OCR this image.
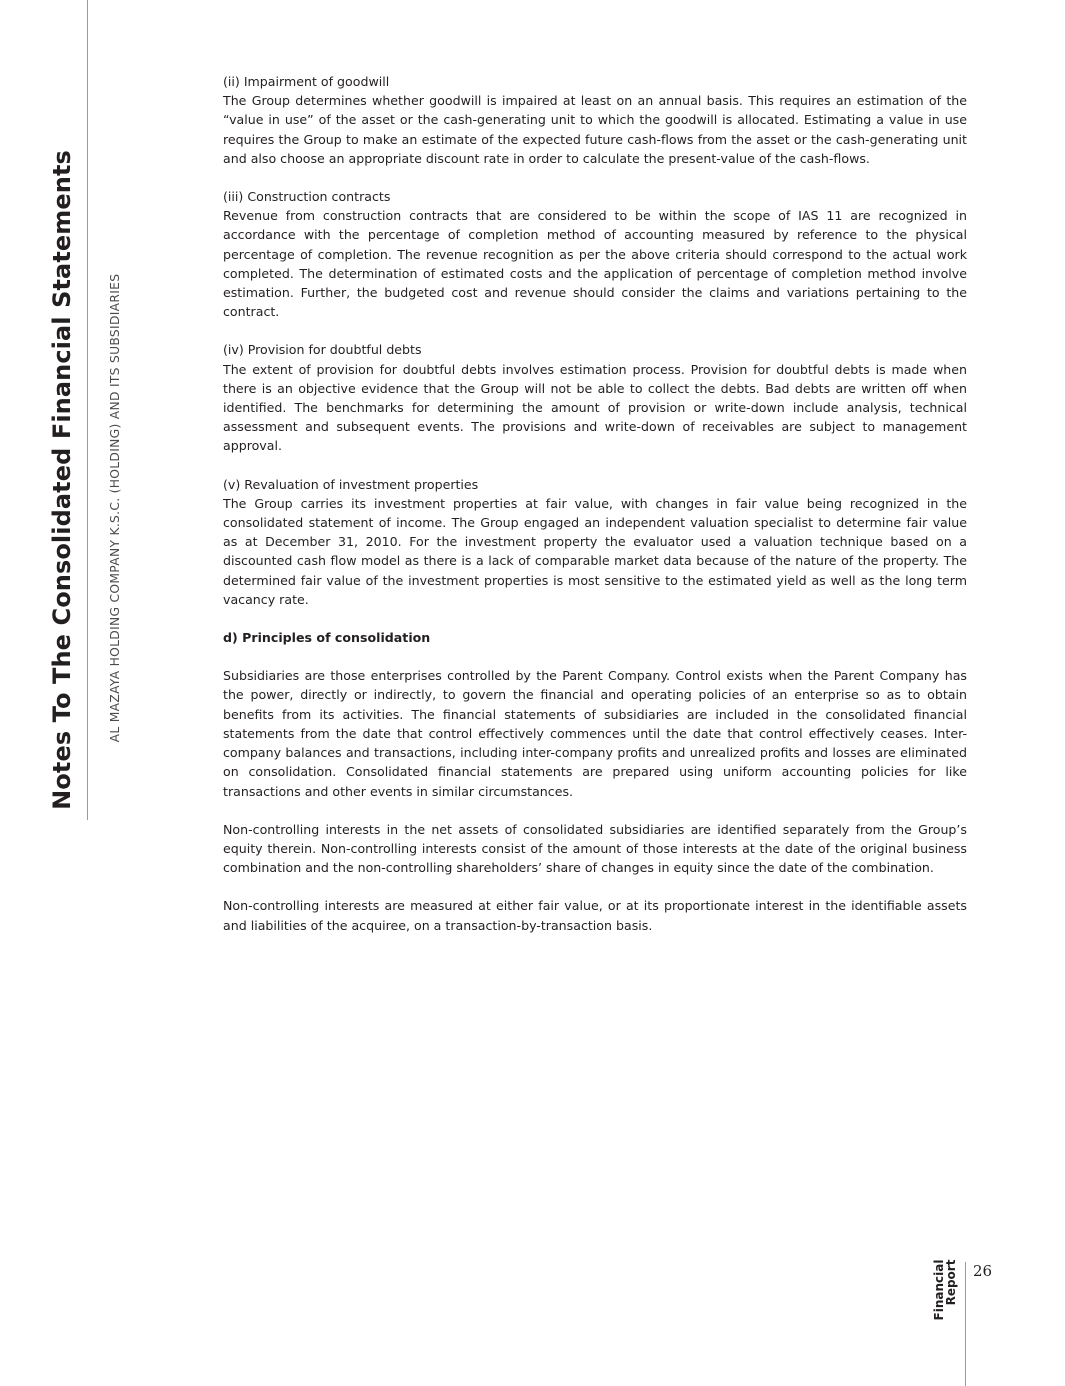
Notes To The Consolidated Financial Statements	AL MAZAYA HOLDING COMPANY K.S.C. (HOLDING) AND ITS SUBSIDIARIES
(ii) Impairment of goodwill

The Group determines whether goodwill is impaired at least on an annual basis. This requires an estimation of the “value in use” of the asset or the cash-generating unit to which the goodwill is allocated. Estimating a value in use requires the Group to make an estimate of the expected future cash-flows from the asset or the cash-generating unit and also choose an appropriate discount rate in order to calculate the present-value of the cash-flows.

(iii) Construction contracts

Revenue from construction contracts that are considered to be within the scope of IAS 11 are recognized in accordance with the percentage of completion method of accounting measured by reference to the physical percentage of completion. The revenue recognition as per the above criteria should correspond to the actual work completed. The determination of estimated costs and the application of percentage of completion method involve estimation. Further, the budgeted cost and revenue should consider the claims and variations pertaining to the contract.

(iv) Provision for doubtful debts

The extent of provision for doubtful debts involves estimation process. Provision for doubtful debts is made when there is an objective evidence that the Group will not be able to collect the debts. Bad debts are written off when identified. The benchmarks for determining the amount of provision or write-down include analysis, technical assessment and subsequent events. The provisions and write-down of receivables are subject to management approval.

(v) Revaluation of investment properties

The Group carries its investment properties at fair value, with changes in fair value being recognized in the consolidated statement of income. The Group engaged an independent valuation specialist to determine fair value as at December 31, 2010. For the investment property the evaluator used a valuation technique based on a discounted cash flow model as there is a lack of comparable market data because of the nature of the property. The determined fair value of the investment properties is most sensitive to the estimated yield as well as the long term vacancy rate.

d) Principles of consolidation

Subsidiaries are those enterprises controlled by the Parent Company. Control exists when the Parent Company has the power, directly or indirectly, to govern the financial and operating policies of an enterprise so as to obtain benefits from its activities. The financial statements of subsidiaries are included in the consolidated financial statements from the date that control effectively commences until the date that control effectively ceases. Inter-company balances and transactions, including inter-company profits and unrealized profits and losses are eliminated on consolidation. Consolidated financial statements are prepared using uniform accounting policies for like transactions and other events in similar circumstances.

Non-controlling interests in the net assets of consolidated subsidiaries are identified separately from the Group’s equity therein. Non-controlling interests consist of the amount of those interests at the date of the original business combination and the non-controlling shareholders’ share of changes in equity since the date of the combination.

Non-controlling interests are measured at either fair value, or at its proportionate interest in the identifiable assets and liabilities of the acquiree, on a transaction-by-transaction basis.

Financial
Report 26
